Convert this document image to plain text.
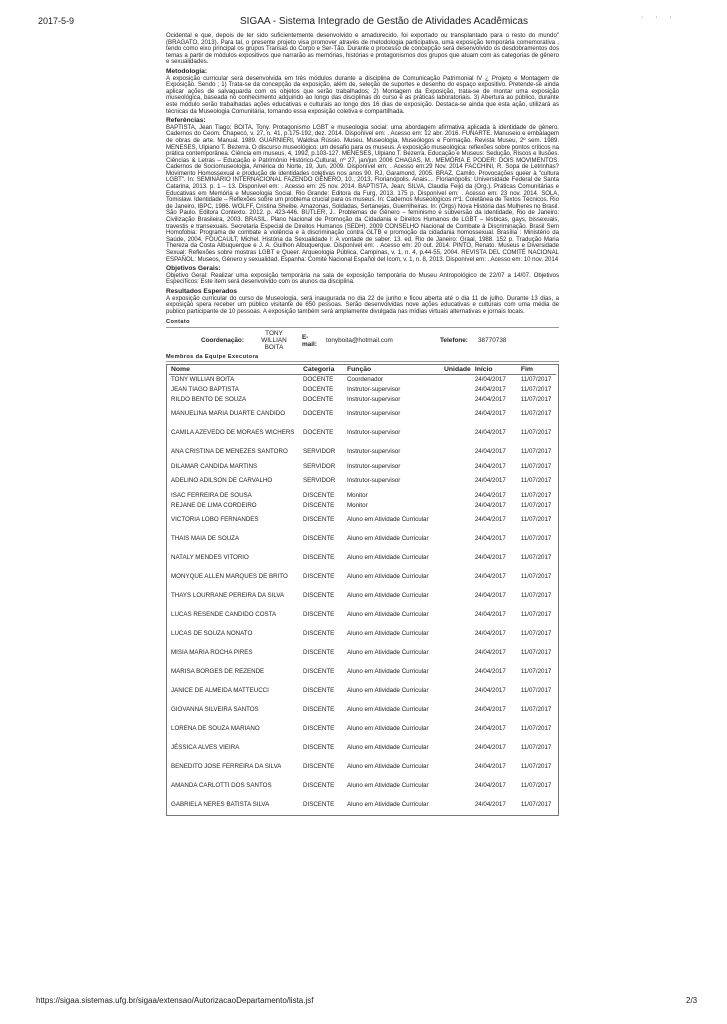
2017-5-9	SIGAA - Sistema Integrado de Gestão de Atividades Acadêmicas	· · ·

Ocidental e que, depois de ter sido suficientemente desenvolvido e amadurecido, foi exportado ou transplantado para o resto do mundo" (BRAGATO, 2013). Para tal, o presente projeto visa promover através de metodologia participativa, uma exposição temporária comemorativa , tendo como eixo principal os grupos Transas do Corpo e Ser-Tão. Durante o processo de concepção será desenvolvido os desdobramentos dos temas a partir de módulos expositivos que narrarão as memórias, histórias e protagonismos dos grupos que atuam com as categorias de gênero e sexualidades.

Metodologia:

A exposição curricular será desenvolvida em três módulos durante a disciplina de Comunicação Patrimonial IV ¿ Projeto e Montagem de Exposição. Sendo ; 1) Trata-se da concepção da exposição, além de, seleção de suportes e desenho do espaço expositivo. Pretende-se ainda aplicar ações de salvaguarda com os objetos que serão trabalhados; 2) Montagem da Exposição, trata-se de montar uma exposição museológica, baseada no conhecimento adquirido ao longo das disciplinas do curso e as práticas laboratoriais. 3) Abertura ao público, durante este módulo serão trabalhadas ações educativas e culturais ao longo dos 16 dias de exposição. Destaca-se ainda que esta ação, utilizará as técnicas da Museologia Comunitária, tornando essa exposição coletiva e compartilhada.

Referências:

BAPTISTA, Jean Tiago; BOITA, Tony. Protagonismo LGBT e museologia social: uma abordagem afirmativa aplicada à identidade de gênero. Cadernos do Ceom. Chapecó, v. 27, n. 41, p.175-192, dez. 2014. Disponível em: . Acesso em: 12 abr. 2016. FUNARTE. Manuseio e embalagem de obras de arte. Manual. 1989. GUARNIERI, Waldisa Rússio. Museu, Museologia, Museólogos e Formação. Revista Museu, 2º sem. 1989. MENESES, Ulpiano T. Bezerra. O discurso museológico: um desafio para os museus. A exposição museológica: reflexões sobre pontos críticos na prática contemporânea. Ciência em museus, 4, 1992, p.103-127. MENESES, Ulpiano T. Bezerra. Educação e Museus: Sedução, Riscos e Ilusões. Ciências & Letras – Educação e Patrimônio Histórico-Cultural, nº 27, jan/jun 2006 CHAGAS, M.. MEMÓRIA E PODER: DOIS MOVIMENTOS. Cadernos de Sociomuseologia, América do Norte, 19, Jun. 2009. Disponível em: . Acesso em:29 Nov. 2014 FACCHINI, R. Sopa de Letrinhas? Movimento Homossexual e produção de identidades coletivas nos anos 90. RJ, Garamond, 2005. BRAZ, Camilo. Provocações queer à "cultura LGBT". In: SEMINÁRIO INTERNACIONAL FAZENDO GÊNERO, 10., 2013, Florianópolis. Anais.... Florianópolis: Universidade Federal de Santa Catarina, 2013. p. 1 – 13. Disponível em: . Acesso em: 25 nov. 2014. BAPTISTA, Jean; SILVA, Claudia Feijó da (Org.). Práticas Comunitárias e Educativas em Memória e Museologia Social. Rio Grande: Editora da Furg, 2013. 175 p. Disponível em: . Acesso em: 23 nov. 2014. SOLA, Tomislaw. Identidade – Reflexões sobre um problema crucial para os museus. In: Cadernos Museológicos nº1. Coletânea de Textos Técnicos. Rio de Janeiro, IBPC, 1986. WOLFF, Cristina Sheibe. Amazonas, Soldadas, Sertanejas, Guerrilheiras. In: (Orgs) Nova História das Mulheres no Brasil. São Paulo. Editora Contexto. 2012. p. 423-446. BUTLER, J.. Problemas de Gênero – feminismo e subversão da identidade, Rio de Janeiro: Civilização Brasileira, 2003. BRASIL. Plano Nacional de Promoção da Cidadania e Direitos Humanos de LGBT – lésbicas, gays, bissexuais, travestis e transexuais. Secretaria Especial de Direitos Humanos (SEDH). 2009 CONSELHO Nacional de Combate à Discriminação. Brasil Sem Homofobia: Programa de combate à violência e à discriminação contra GLTB e promoção da cidadania homossexual. Brasília : Ministério da Saúde, 2004. FOUCAULT, Michel. História da Sexualidade I: A vontade de saber. 13. ed. Rio de Janeiro: Graal, 1988. 152 p. Tradução Maria Thereza da Costa Albuquerque e J. A. Guilhon Albuquerque. Disponível em: . Acesso em: 20 out. 2014. PINTO, Renato. Museus e Diversidade Sexual: Reflexões sobre mostras LGBT e Queer. Arqueologia Pública, Campinas, v. 1, n. 4, p.44-55, 2004. REVISTA DEL COMITÉ NACIONAL ESPAÑOL: Museos, Género y sexualidad. Espanha: Comité Nacional Español del Icom, v. 1, n. 8, 2013. Disponível em: . Acesso em: 10 nov. 2014

Objetivos Gerais:

Objetivo Geral: Realizar uma exposição temporária na sala de exposição temporária do Museu Antropológico de 22/07 a 14/07. Objetivos Específicos: Este item será desenvolvido com os alunos da disciplina.

Resultados Esperados

A exposição curricular do curso de Museologia, será inaugurada no dia 22 de junho e ficou aberta até o dia 11 de julho. Durante 13 dias, a exposição spera receber um público visitante de 650 pessoas. Serão desenvolvidas nove ações educativas e culturais com uma média de publico participante de 10 pessoas. A exposição também será amplamente divulgada nas mídias virtuais alternativas e jornais locais.

Contato
Coordenação:
TONY WILLIAN BOITA
E-mail:
tonyboita@hotmail.com	Telefone: 38770738
Membros da Equipe Executora
Nome	Categoria	Função	Unidade	Início	Fim
TONY WILLIAN BOITA	DOCENTE	Coordenador		24/04/2017	11/07/2017
JEAN TIAGO BAPTISTA	DOCENTE	Instrutor-supervisor		24/04/2017	11/07/2017
RILDO BENTO DE SOUZA	DOCENTE	Instrutor-supervisor		24/04/2017	11/07/2017
MANUELINA MARIA DUARTE CANDIDO	DOCENTE	Instrutor-supervisor		24/04/2017	11/07/2017
CAMILA AZEVEDO DE MORAES WICHERS	DOCENTE	Instrutor-supervisor		24/04/2017	11/07/2017
ANA CRISTINA DE MENEZES SANTORO	SERVIDOR	Instrutor-supervisor		24/04/2017	11/07/2017
DILAMAR CANDIDA MARTINS	SERVIDOR	Instrutor-supervisor		24/04/2017	11/07/2017
ADELINO ADILSON DE CARVALHO	SERVIDOR	Instrutor-supervisor		24/04/2017	11/07/2017
ISAC FERREIRA DE SOUSA	DISCENTE	Monitor		24/04/2017	11/07/2017
REJANE DE LIMA CORDEIRO	DISCENTE	Monitor		24/04/2017	11/07/2017
VICTORIA LOBO FERNANDES	DISCENTE	Aluno em Atividade Curricular		24/04/2017	11/07/2017
THAIS MAIA DE SOUZA	DISCENTE	Aluno em Atividade Curricular		24/04/2017	11/07/2017
NATALY MENDES VITORIO	DISCENTE	Aluno em Atividade Curricular		24/04/2017	11/07/2017
MONYQUE ALLEN MARQUES DE BRITO	DISCENTE	Aluno em Atividade Curricular		24/04/2017	11/07/2017
THAYS LOURRANE PEREIRA DA SILVA	DISCENTE	Aluno em Atividade Curricular		24/04/2017	11/07/2017
LUCAS RESENDE CANDIDO COSTA	DISCENTE	Aluno em Atividade Curricular		24/04/2017	11/07/2017
LUCAS DE SOUZA NONATO	DISCENTE	Aluno em Atividade Curricular		24/04/2017	11/07/2017
MISIA MARIA ROCHA PIRES	DISCENTE	Aluno em Atividade Curricular		24/04/2017	11/07/2017
MARISA BORGES DE REZENDE	DISCENTE	Aluno em Atividade Curricular		24/04/2017	11/07/2017
JANICE DE ALMEIDA MATTEUCCI	DISCENTE	Aluno em Atividade Curricular		24/04/2017	11/07/2017
GIOVANNA SILVEIRA SANTOS	DISCENTE	Aluno em Atividade Curricular		24/04/2017	11/07/2017
LORENA DE SOUZA MARIANO	DISCENTE	Aluno em Atividade Curricular		24/04/2017	11/07/2017
JÉSSICA ALVES VIEIRA	DISCENTE	Aluno em Atividade Curricular		24/04/2017	11/07/2017
BENEDITO JOSE FERREIRA DA SILVA	DISCENTE	Aluno em Atividade Curricular		24/04/2017	11/07/2017
AMANDA CARLOTTI DOS SANTOS	DISCENTE	Aluno em Atividade Curricular		24/04/2017	11/07/2017
GABRIELA NERES BATISTA SILVA	DISCENTE	Aluno em Atividade Curricular		24/04/2017	11/07/2017
https://sigaa.sistemas.ufg.br/sigaa/extensao/AutorizacaoDepartamento/lista.jsf	2/3
